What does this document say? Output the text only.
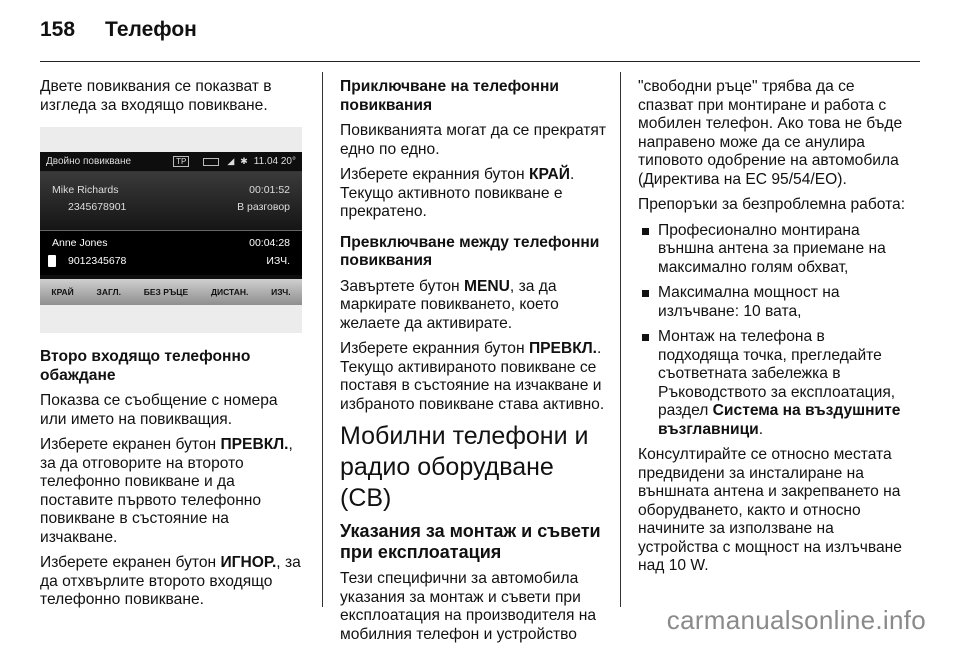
158 Телефон

Двете повиквания се показват в изгледа за входящо повикване.

Двойно повикване	TP	◢ ✱ 11.04
20°
Mike Richards	00:01:52
2345678901	В разговор
Anne Jones	00:04:28
9012345678	ИЗЧ.
КРАЙ	ЗАГЛ.	БЕЗ РЪЦЕ	ДИСТАН.	ИЗЧ.

Второ входящо телефонно обаждане

Показва се съобщение с номера или името на повикващия.

Изберете екранен бутон ПРЕВКЛ., за да отговорите на второто телефонно повикване и да поставите първото телефонно повикване в състояние на изчакване.

Изберете екранен бутон ИГНОР., за да отхвърлите второто входящо телефонно повикване.

Приключване на телефонни повиквания

Повикванията могат да се прекратят едно по едно.

Изберете екранния бутон КРАЙ. Текущо активното повикване е прекратено.

Превключване между телефонни повиквания

Завъртете бутон MENU, за да маркирате повикването, което желаете да активирате.

Изберете екранния бутон ПРЕВКЛ.. Текущо активираното повикване се поставя в състояние на изчакване и избраното повикване става активно.

Мобилни телефони и радио оборудване (CB)

Указания за монтаж и съвети при експлоатация

Тези специфични за автомобила указания за монтаж и съвети при експлоатация на производителя на мобилния телефон и устройство

"свободни ръце" трябва да се спазват при монтиране и работа с мобилен телефон. Ако това не бъде направено може да се анулира типовото одобрение на автомобила (Директива на ЕС 95/54/ЕО).

Препоръки за безпроблемна работа:

Професионално монтирана външна антена за приемане на максимално голям обхват,
Максимална мощност на излъчване: 10 вата,
Монтаж на телефона в подходяща точка, прегледайте съответната забележка в Ръководството за експлоатация, раздел Система на въздушните възглавници.

Консултирайте се относно местата предвидени за инсталиране на външната антена и закрепването на оборудването, както и относно начините за използване на устройства с мощност на излъчване над 10 W.

carmanualsonline.info
